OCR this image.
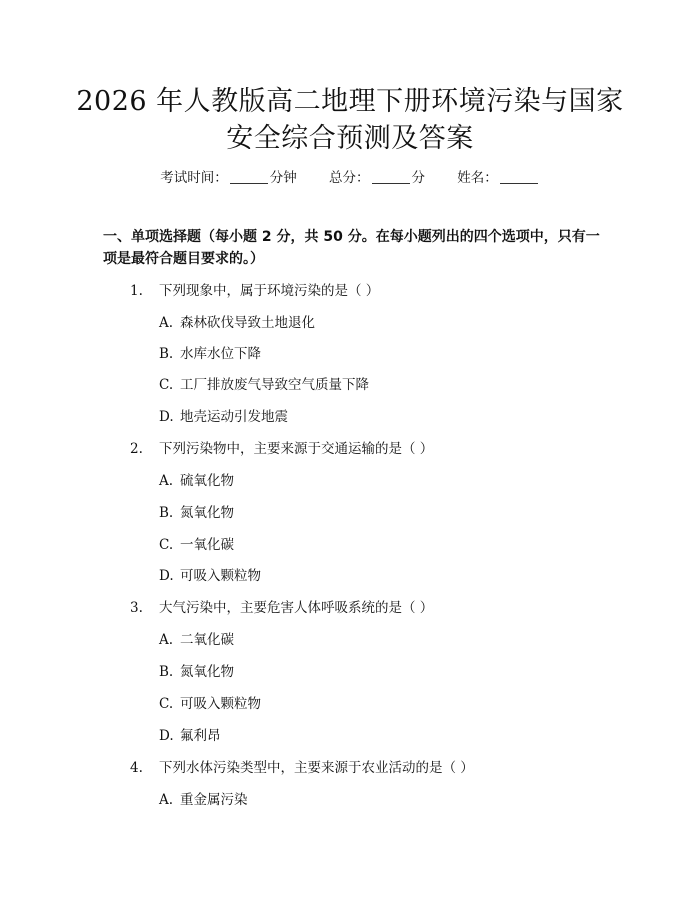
2026 年人教版高二地理下册环境污染与国家
安全综合预测及答案
考试时间：	分钟 总分：	分 姓名：
一、单项选择题（每小题 2 分，共 50 分。在每小题列出的四个选项中，只有一项是最符合题目要求的。）
1. 下列现象中，属于环境污染的是（ ）
A. 森林砍伐导致土地退化
B. 水库水位下降
C. 工厂排放废气导致空气质量下降
D. 地壳运动引发地震
2. 下列污染物中，主要来源于交通运输的是（ ）
A. 硫氧化物
B. 氮氧化物
C. 一氧化碳
D. 可吸入颗粒物
3. 大气污染中，主要危害人体呼吸系统的是（ ）
A. 二氧化碳
B. 氮氧化物
C. 可吸入颗粒物
D. 氟利昂
4. 下列水体污染类型中，主要来源于农业活动的是（ ）
A. 重金属污染
